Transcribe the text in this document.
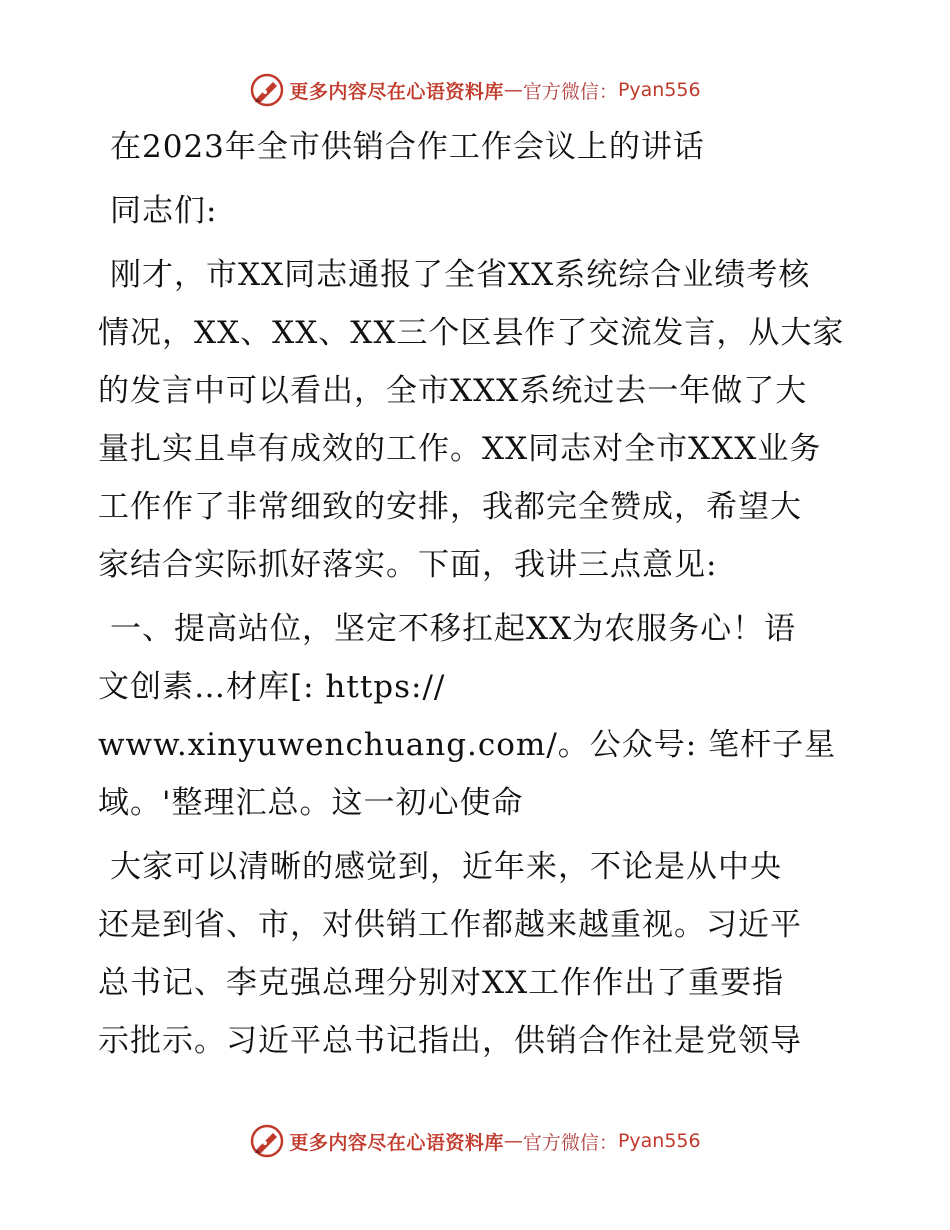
更多内容尽在心语资料库 — 官方微信： Pyan556

在2023年全市供销合作工作会议上的讲话

同志们:

刚才，市XX同志通报了全省XX系统综合业绩考核

情况，XX、XX、XX三个区县作了交流发言，从大家

的发言中可以看出，全市XXX系统过去一年做了大

量扎实且卓有成效的工作。XX同志对全市XXX业务

工作作了非常细致的安排，我都完全赞成，希望大

家结合实际抓好落实。下面，我讲三点意见:

一、提高站位，坚定不移扛起XX为农服务心！语

文创素…材库[: https://

www.xinyuwenchuang.com/。公众号: 笔杆子星

域。'整理汇总。这一初心使命

大家可以清晰的感觉到，近年来，不论是从中央

还是到省、市，对供销工作都越来越重视。习近平

总书记、李克强总理分别对XX工作作出了重要指

示批示。习近平总书记指出，供销合作社是党领导

更多内容尽在心语资料库 — 官方微信： Pyan556
